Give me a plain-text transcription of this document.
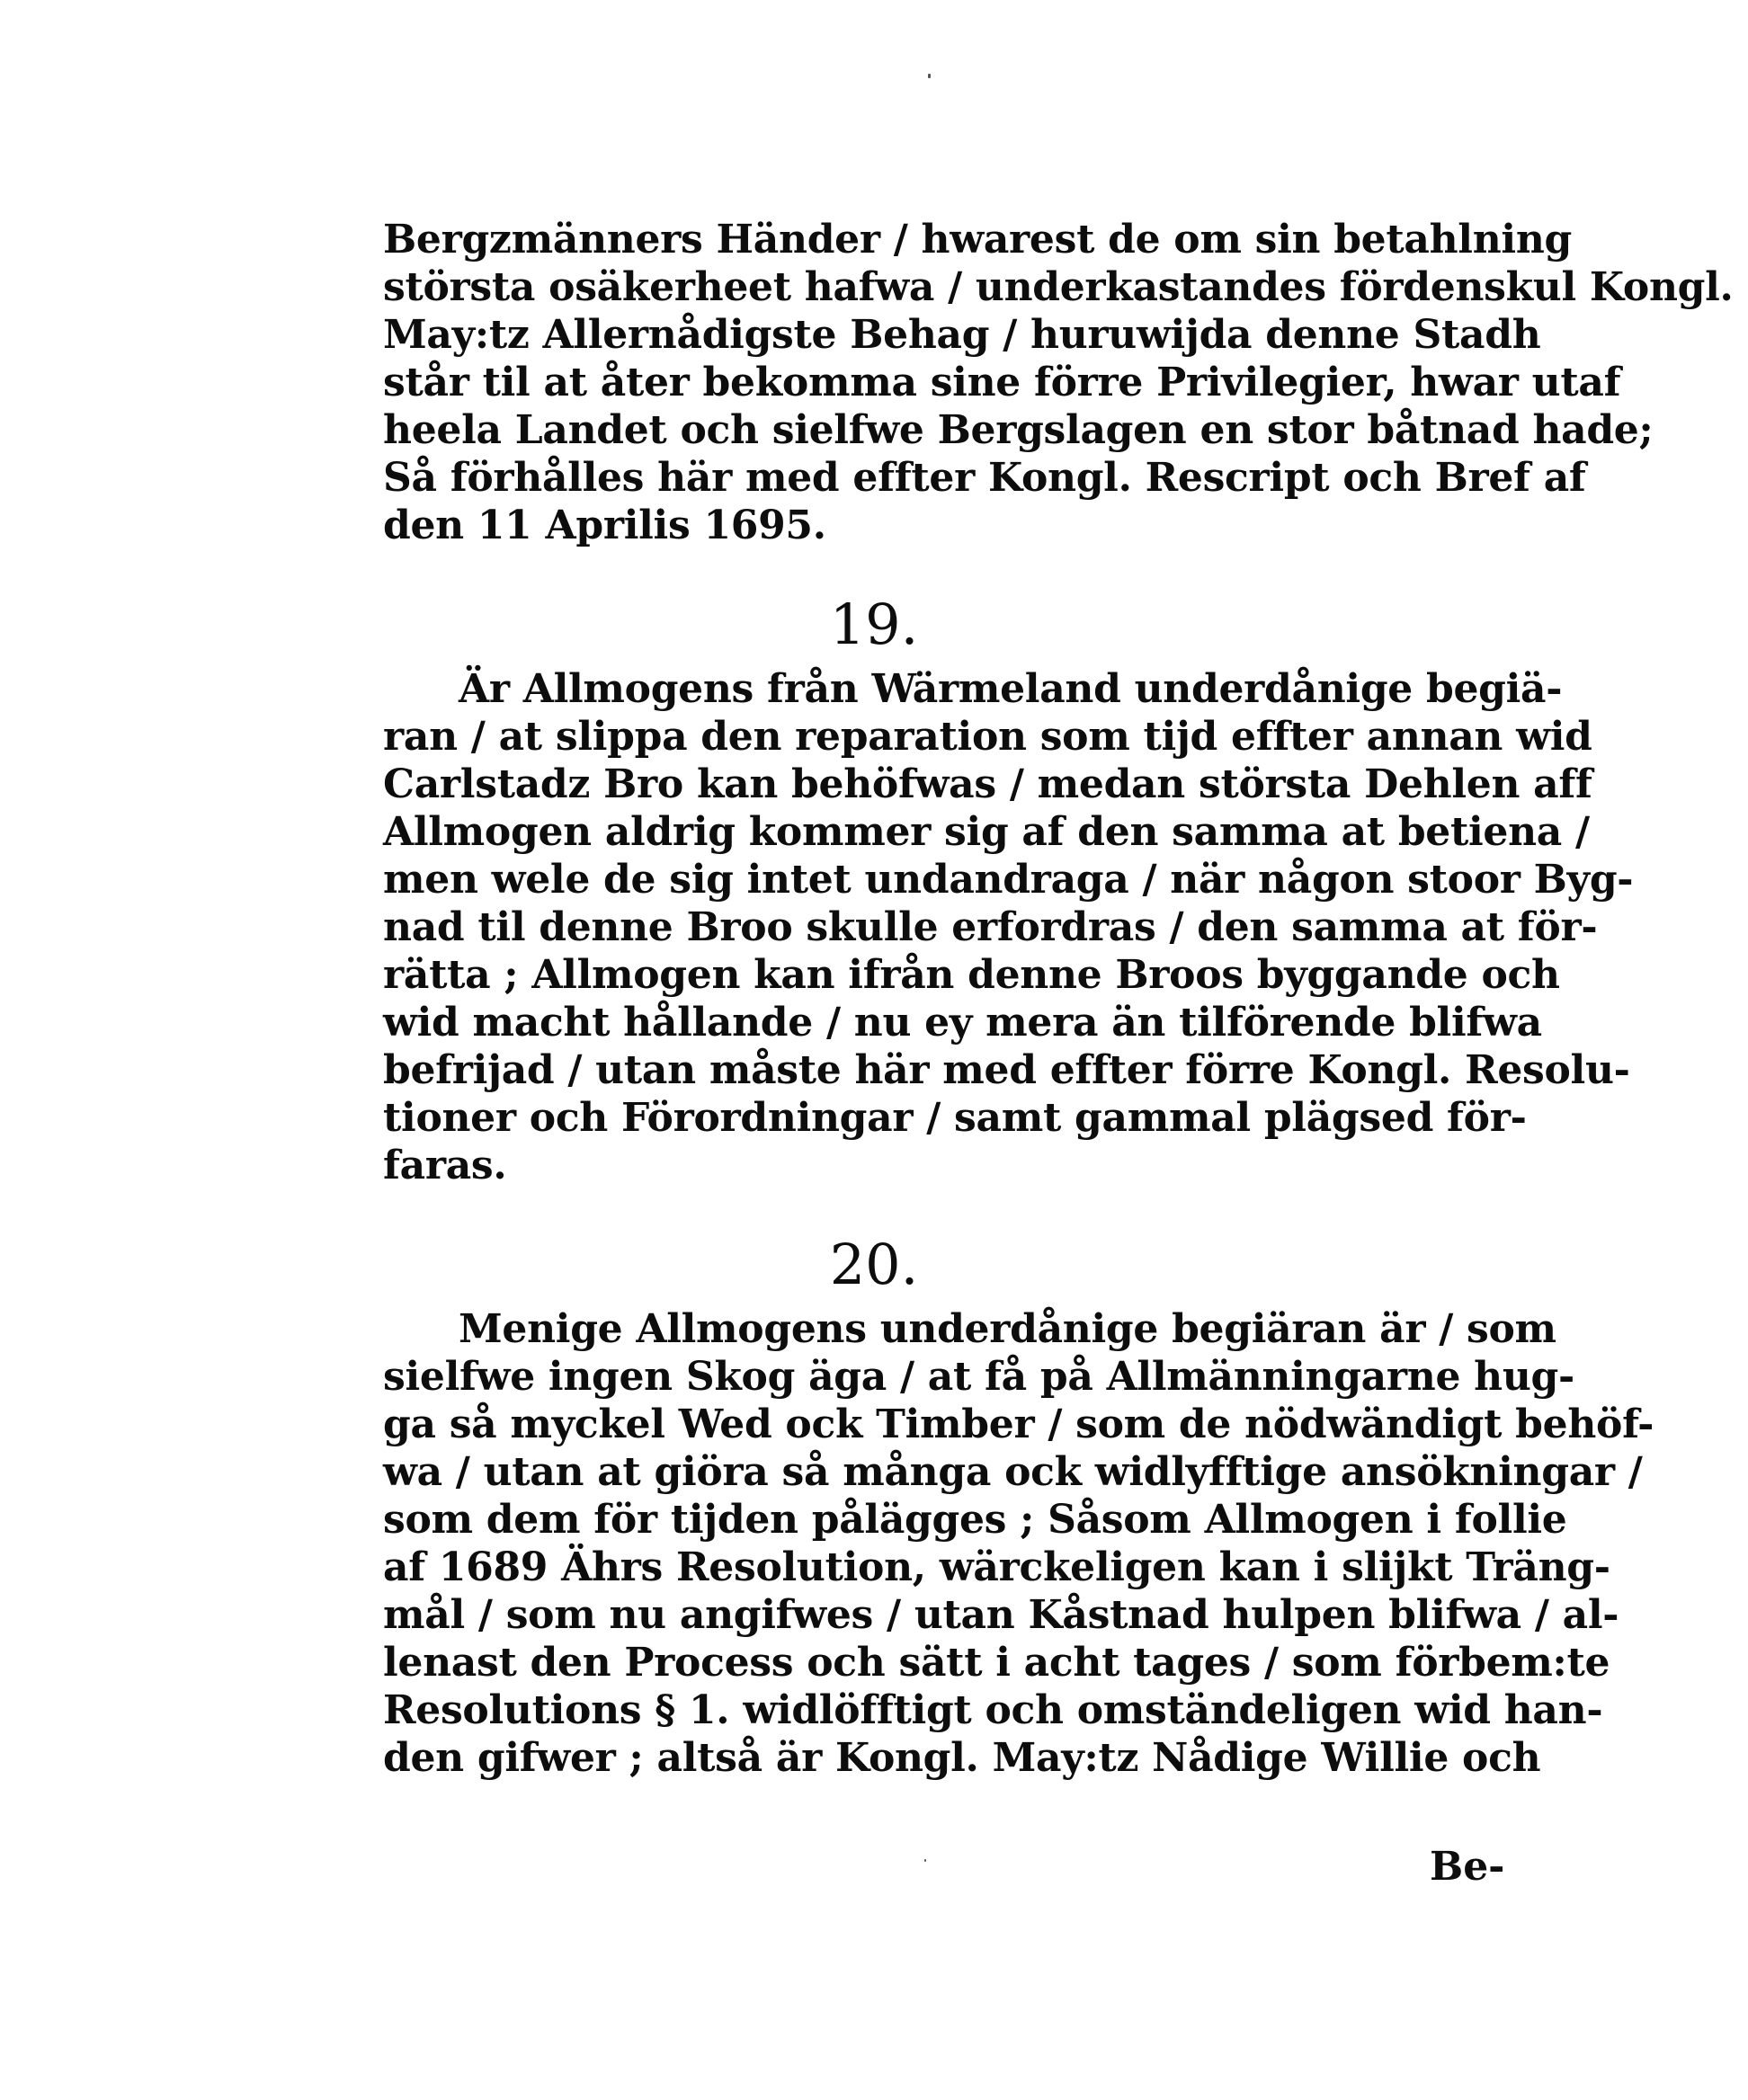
Bergzmänners Händer / hwarest de om sin betahlning
största osäkerheet hafwa / underkastandes fördenskul Kongl.
May:tz Allernådigste Behag / huruwijda denne Stadh
står til at åter bekomma sine förre Privilegier, hwar utaf
heela Landet och sielfwe Bergslagen en stor båtnad hade;
Så förhålles här med effter Kongl. Rescript och Bref af
den 11 Aprilis 1695.
19.
Är Allmogens från Wärmeland underdånige begiä-
ran / at slippa den reparation som tijd effter annan wid
Carlstadz Bro kan behöfwas / medan största Dehlen aff
Allmogen aldrig kommer sig af den samma at betiena /
men wele de sig intet undandraga / när någon stoor Byg-
nad til denne Broo skulle erfordras / den samma at för-
rätta ; Allmogen kan ifrån denne Broos byggande och
wid macht hållande / nu ey mera än tilförende blifwa
befrijad / utan måste här med effter förre Kongl. Resolu-
tioner och Förordningar / samt gammal plägsed för-
faras.
20.
Menige Allmogens underdånige begiäran är / som
sielfwe ingen Skog äga / at få på Allmänningarne hug-
ga så myckel Wed ock Timber / som de nödwändigt behöf-
wa / utan at giöra så många ock widlyfftige ansökningar /
som dem för tijden pålägges ; Såsom Allmogen i follie
af 1689 Ährs Resolution, wärckeligen kan i slijkt Träng-
mål / som nu angifwes / utan Kåstnad hulpen blifwa / al-
lenast den Process och sätt i acht tages / som förbem:te
Resolutions § 1. widlöfftigt och omständeligen wid han-
den gifwer ; altså är Kongl. May:tz Nådige Willie och
Be-
